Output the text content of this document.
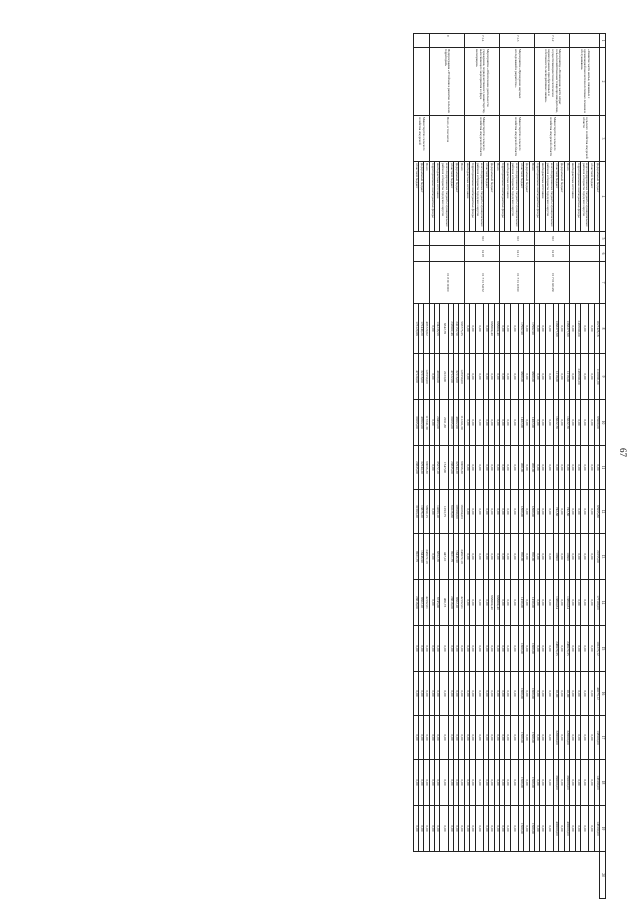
67
1	2	3	4	5	6	7	8	9	10	11	12	13	14	15	16	17	18	19	20
	«Развитие части жилья, связанных с организацией высокотехнологичных лечения и обслуживания»	сельского хозяйства Амурской области	федеральный бюджет				1027426,16	1110090,00	95900,00	0,00	85995,80	21055,00	177100,00	102273,12	40273,12	138500,00	145580,00	145580,00	
			областной бюджет				0,00	0,00	0,00	0,00	0,00	0,00	0,00	0,00	0,00	0,00	0,00	0,00	
			консолидированные бюджеты муниципальных районов и бюджеты городских округов				0,00	0,00	0,00	0,00	0,00	0,00	0,00	0,00	0,00	0,00	0,00	0,00	
			территориальные внебюджетные фонды				2487000,00	2487000,00	0,00	0,00	0,00	0,00	0,00	0,00	0,00	0,00	0,00	0,00	
			внебюджетные источники				0,00	0,00	0,00	0,00	0,00	0,00	0,00	0,00	0,00	0,00	0,00	0,00	
7.1.2	Мероприятие «Возмещение части затрат сельскохозяйственным товаропроизводителям, осуществляющим технологическое перевооружение приобретенных в собственность мелиоративных машин»	Министерство сельского хозяйства Амурской области	Всего	913	04 05	01 7 01 R0430	1383377,69	1218,00	18222,70	0,00	742,80	10600	13864,64	246970,35	10,00	320000,00	360000,00	400000,00	
			федеральный бюджет				0,00	0,00	0,00	0,00	0,00	0,00	0,00	0,00	0,00	0,00	0,00	0,00	
			областной бюджет				1383377,69	1218,00	18222,70	0,00	742,80	10600	13864,64	246970,35	10,00	320000,00	360000,00	400000,00	
			консолидированные бюджеты муниципальных районов и бюджеты городских округов				0,00	0,00	0,00	0,00	0,00	0,00	0,00	0,00	0,00	0,00	0,00	0,00	
			внебюджетные источники				0,00	0,00	0,00	0,00	0,00	0,00	0,00	0,00	0,00	0,00	0,00	0,00	
			территориальные внебюджетные фонды				0,00	0,00	0,00	0,00	0,00	0,00	0,00	0,00	0,00	0,00	0,00	0,00	
7.1.3	Мероприятие «Проведение научных исследований и разработок»	Министерство сельского хозяйства Амурской области	Всего	913	04 11	01 7 01 10810	17982,90	3800,00	1482,00	450,00	1800,00	950,00	1450,00	1600,00	1600,00	1500,00	1500,00	1500,00	
			федеральный бюджет				0,00	0,00	0,00	0,00	0,00	0,00	0,00	0,00	0,00	0,00	0,00	0,00	
			областной бюджет				17982,90	3800,00	1482,00	450,00	1800,00	950,00	1450,00	1600,00	1600,00	1500,00	1500,00	1500,00	
			консолидированные бюджеты муниципальных районов и бюджеты городских округов				0,00	0,00	0,00	0,00	0,00	0,00	0,00	0,00	0,00	0,00	0,00	0,00	
			внебюджетные источники				0,00	0,00	0,00	0,00	0,00	0,00	0,00	0,00	0,00	0,00	0,00	0,00	
			территориальные внебюджетные фонды				0,00	0,00	0,00	0,00	0,00	0,00	0,00	0,00	0,00	0,00	0,00	0,00	
7.1.4	Мероприятие «Обеспечение деятельности учреждения, подведомственного министерству, выполняющего мероприятия в сфере мелиорации»	Министерство сельского хозяйства Амурской области	Всего	913	04 05	01 7 01 54152	668804,40	0,00	0,00	0,00	0,00	0,00	668804,40	0,00	0,00	0,00	0,00	0,00	
			федеральный бюджет				668804,40	0,00	0,00	0,00	0,00	0,00	668804,40	0,00	0,00	0,00	0,00	0,00	
			областной бюджет				0,00	0,00	0,00	0,00	0,00	0,00	0,00	0,00	0,00	0,00	0,00	0,00	
			консолидированные бюджеты муниципальных районов и бюджеты городских округов				0,00	0,00	0,00	0,00	0,00	0,00	0,00	0,00	0,00	0,00	0,00	0,00	
			территориальные внебюджетные фонды				0,00	0,00	0,00	0,00	0,00	0,00	0,00	0,00	0,00	0,00	0,00	0,00	
			внебюджетные источники				0,00	0,00	0,00	0,00	0,00	0,00	0,00	0,00	0,00	0,00	0,00	0,00	
8	Подпрограмма «Устойчивое развитие сельских территорий»	Всего, в том числе	Всего			01 8 00 00000	593775,35	123550,00	111241,30	99096,30	181064,03	343672,19	42192,01	0,00	0,00	0,00	0,00	0,00	
			федеральный бюджет				241152,50	32116,00	48502,00	32544,20	105980,60	16446,90	8502,10	0,00	0,00	0,00	0,00	0,00	
			областной бюджет				233902,48	47122,00	39265,00	29835,00	64126,60	9921,79	28618,00	0,00	0,00	0,00	0,00	0,00	
			консолидированные бюджеты муниципальных районов и бюджеты городских округов				8342,78	2223,00	2011,30	1547,00	1293,75	447,10	460,73	0,00	0,00	0,00	0,00	0,00	
			внебюджетные источники				134236,59	40100,00	20463,00	35272,10	14283,10	8352,70	6745,00	0,00	0,00	0,00	0,00	0,00	
			территориальные внебюджетные фонды				0,00	0,00	0,00	0,00	0,00	0,00	0,00	0,00	0,00	0,00	0,00	0,00	
		Министерство сельского хозяйства Амурской	Всего				405729,62	123550,00	117241,30	99096,30	59990,15	343672,19	42192,01	0,00	0,00	0,00	0,00	0,00	
			федеральный бюджет				172449,20	32116,00	49502,00	32544,20	13876,20	16446,90	8502,10	0,00	0,00	0,00	0,00	0,00	
			областной бюджет				173129,88	47120,00	39265,00	29835,00	31563,20	9921,79	28618,00	0,00	0,00	0,00	0,00	0,00	
